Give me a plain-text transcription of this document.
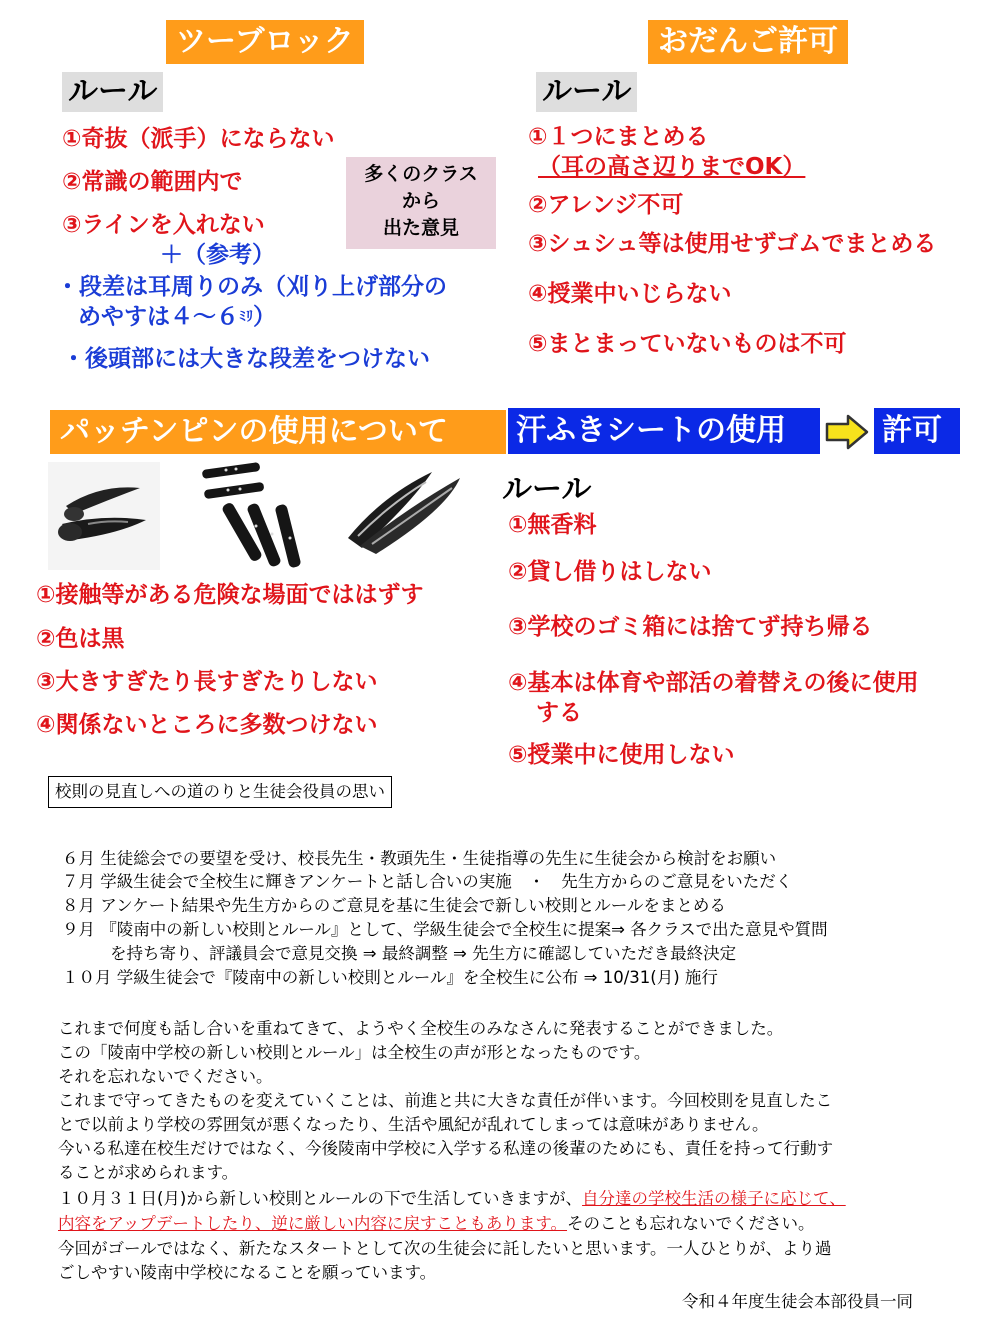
ツーブロック
ルール
①奇抜（派手）にならない
②常識の範囲内で
③ラインを入れない
＋（参考）
・段差は耳周りのみ（刈り上げ部分の
めやすは$4\sim 6^{ﾐﾘ}$）
・後頭部には大きな段差をつけない
多くのクラス
から
出た意見
おだんご許可
ルール
①１つにまとめる
（耳の高さ辺りまでOK）
②アレンジ不可
③シュシュ等は使用せずゴムでまとめる
④授業中いじらない
⑤まとまっていないものは不可
パッチンピンの使用について
①接触等がある危険な場面でははずす
②色は黒
③大きすぎたり長すぎたりしない
④関係ないところに多数つけない
汗ふきシートの使用	許可
ルール
①無香料
②貸し借りはしない
③学校のゴミ箱には捨てず持ち帰る
④基本は体育や部活の着替えの後に使用
する
⑤授業中に使用しない
校則の見直しへの道のりと生徒会役員の思い
６月 生徒総会での要望を受け、校長先生・教頭先生・生徒指導の先生に生徒会から検討をお願い
７月 学級生徒会で全校生に輝きアンケートと話し合いの実施　・　先生方からのご意見をいただく
８月 アンケート結果や先生方からのご意見を基に生徒会で新しい校則とルールをまとめる
９月 『陵南中の新しい校則とルール』として、学級生徒会で全校生に提案⇒ 各クラスで出た意見や質問
を持ち寄り、評議員会で意見交換 ⇒ 最終調整 ⇒ 先生方に確認していただき最終決定
１０月 学級生徒会で『陵南中の新しい校則とルール』を全校生に公布 ⇒ 10/31(月) 施行
これまで何度も話し合いを重ねてきて、ようやく全校生のみなさんに発表することができました。
この「陵南中学校の新しい校則とルール」は全校生の声が形となったものです。
それを忘れないでください。
これまで守ってきたものを変えていくことは、前進と共に大きな責任が伴います。今回校則を見直したこ
とで以前より学校の雰囲気が悪くなったり、生活や風紀が乱れてしまっては意味がありません。
今いる私達在校生だけではなく、今後陵南中学校に入学する私達の後輩のためにも、責任を持って行動す
ることが求められます。
１０月３１日(月)から新しい校則とルールの下で生活していきますが、自分達の学校生活の様子に応じて、
内容をアップデートしたり、逆に厳しい内容に戻すこともあります。そのことも忘れないでください。
今回がゴールではなく、新たなスタートとして次の生徒会に託したいと思います。一人ひとりが、より過
ごしやすい陵南中学校になることを願っています。
令和４年度生徒会本部役員一同
